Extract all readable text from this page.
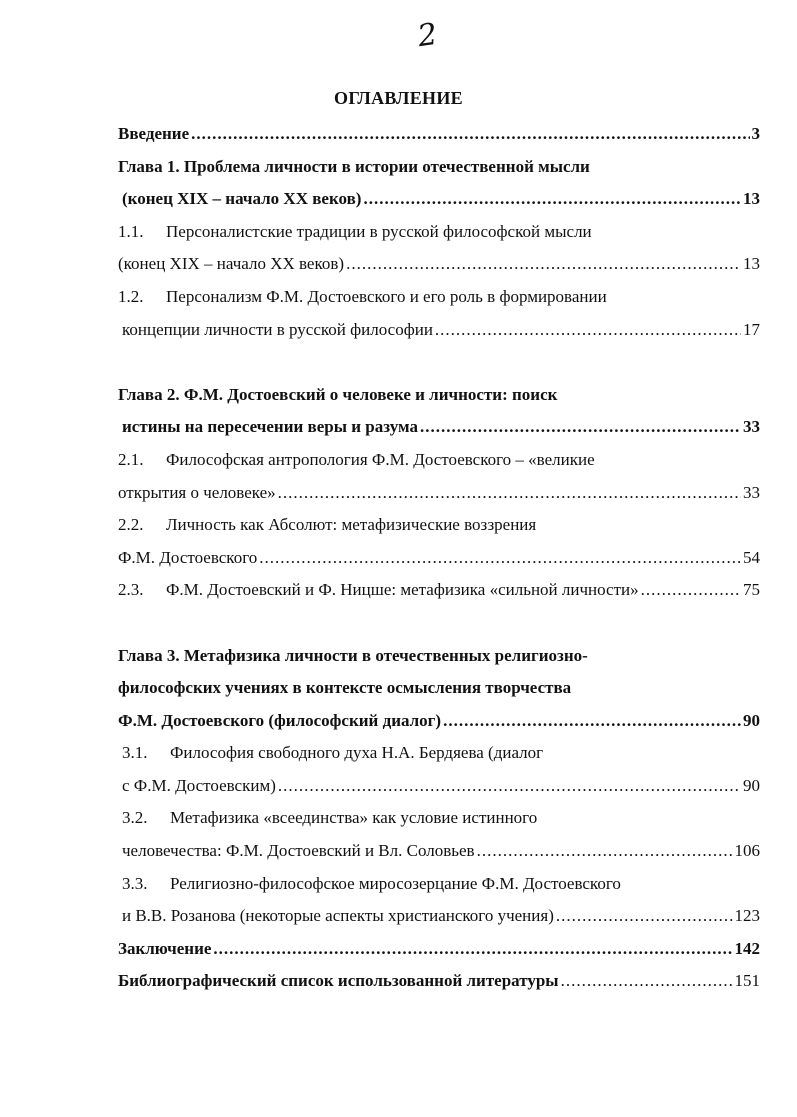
2
ОГЛАВЛЕНИЕ
Введение .....	3
Глава 1. Проблема личности в истории отечественной мысли
(конец XIX – начало XX веков) .....	13
1.1. Персоналистские традиции в русской философской мысли
(конец XIX – начало XX веков) .....	13
1.2. Персонализм Ф.М. Достоевского и его роль в формировании
концепции личности в русской философии .....	17
Глава 2. Ф.М. Достоевский о человеке и личности: поиск
истины на пересечении веры и разума .....	33
2.1. Философская антропология Ф.М. Достоевского – «великие
открытия о человеке» .....	33
2.2. Личность как Абсолют: метафизические воззрения
Ф.М. Достоевского .....	54
2.3. Ф.М. Достоевский и Ф. Ницше: метафизика «сильной личности» .....	75
Глава 3. Метафизика личности в отечественных религиозно-
философских учениях в контексте осмысления творчества
Ф.М. Достоевского (философский диалог) .....	90
3.1. Философия свободного духа Н.А. Бердяева (диалог
с Ф.М. Достоевским) .....	90
3.2. Метафизика «всеединства» как условие истинного
человечества: Ф.М. Достоевский и Вл. Соловьев .....	106
3.3. Религиозно-философское миросозерцание Ф.М. Достоевского
и В.В. Розанова (некоторые аспекты христианского учения) .....	123
Заключение .....	142
Библиографический список использованной литературы .....	151
